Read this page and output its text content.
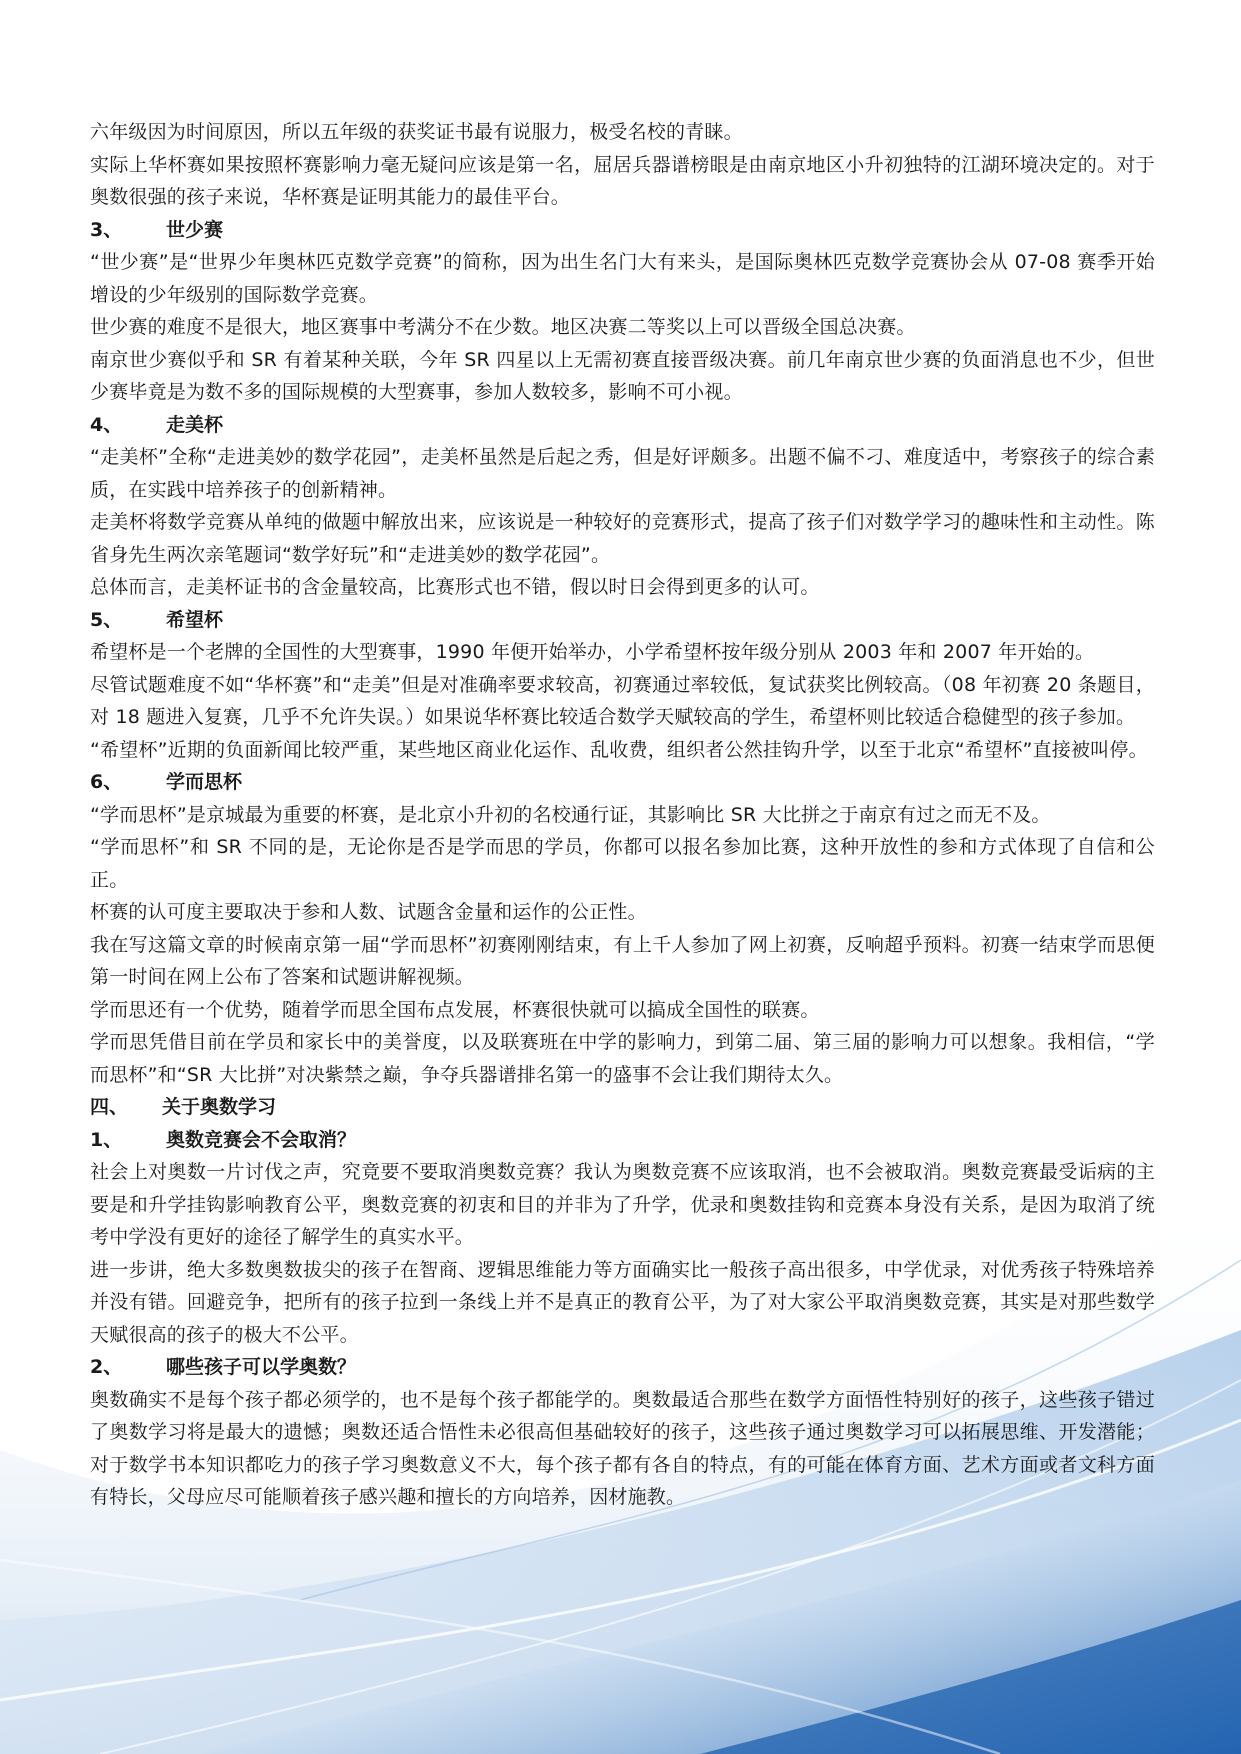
六年级因为时间原因，所以五年级的获奖证书最有说服力，极受名校的青睐。

实际上华杯赛如果按照杯赛影响力毫无疑问应该是第一名，屈居兵器谱榜眼是由南京地区小升初独特的江湖环境决定的。对于奥数很强的孩子来说，华杯赛是证明其能力的最佳平台。

3、	世少赛

“世少赛”是“世界少年奥林匹克数学竞赛”的简称，因为出生名门大有来头，是国际奥林匹克数学竞赛协会从 07-08 赛季开始增设的少年级别的国际数学竞赛。

世少赛的难度不是很大，地区赛事中考满分不在少数。地区决赛二等奖以上可以晋级全国总决赛。

南京世少赛似乎和 SR 有着某种关联，今年 SR 四星以上无需初赛直接晋级决赛。前几年南京世少赛的负面消息也不少，但世少赛毕竟是为数不多的国际规模的大型赛事，参加人数较多，影响不可小视。

4、	走美杯

“走美杯”全称“走进美妙的数学花园”，走美杯虽然是后起之秀，但是好评颇多。出题不偏不刁、难度适中，考察孩子的综合素质，在实践中培养孩子的创新精神。

走美杯将数学竞赛从单纯的做题中解放出来，应该说是一种较好的竞赛形式，提高了孩子们对数学学习的趣味性和主动性。陈省身先生两次亲笔题词“数学好玩”和“走进美妙的数学花园”。

总体而言，走美杯证书的含金量较高，比赛形式也不错，假以时日会得到更多的认可。

5、	希望杯

希望杯是一个老牌的全国性的大型赛事，1990 年便开始举办，小学希望杯按年级分别从 2003 年和 2007 年开始的。

尽管试题难度不如“华杯赛”和“走美”但是对准确率要求较高，初赛通过率较低，复试获奖比例较高。（08 年初赛 20 条题目，对 18 题进入复赛，几乎不允许失误。）如果说华杯赛比较适合数学天赋较高的学生，希望杯则比较适合稳健型的孩子参加。

“希望杯”近期的负面新闻比较严重，某些地区商业化运作、乱收费，组织者公然挂钩升学，以至于北京“希望杯”直接被叫停。

6、	学而思杯

“学而思杯”是京城最为重要的杯赛，是北京小升初的名校通行证，其影响比 SR 大比拼之于南京有过之而无不及。

“学而思杯”和 SR 不同的是，无论你是否是学而思的学员，你都可以报名参加比赛，这种开放性的参和方式体现了自信和公正。

杯赛的认可度主要取决于参和人数、试题含金量和运作的公正性。

我在写这篇文章的时候南京第一届“学而思杯”初赛刚刚结束，有上千人参加了网上初赛，反响超乎预料。初赛一结束学而思便第一时间在网上公布了答案和试题讲解视频。

学而思还有一个优势，随着学而思全国布点发展，杯赛很快就可以搞成全国性的联赛。

学而思凭借目前在学员和家长中的美誉度，以及联赛班在中学的影响力，到第二届、第三届的影响力可以想象。我相信，“学而思杯”和“SR 大比拼”对决紫禁之巅，争夺兵器谱排名第一的盛事不会让我们期待太久。

四、	关于奥数学习
1、	奥数竞赛会不会取消？

社会上对奥数一片讨伐之声，究竟要不要取消奥数竞赛？我认为奥数竞赛不应该取消，也不会被取消。奥数竞赛最受诟病的主要是和升学挂钩影响教育公平，奥数竞赛的初衷和目的并非为了升学，优录和奥数挂钩和竞赛本身没有关系，是因为取消了统考中学没有更好的途径了解学生的真实水平。

进一步讲，绝大多数奥数拔尖的孩子在智商、逻辑思维能力等方面确实比一般孩子高出很多，中学优录，对优秀孩子特殊培养并没有错。回避竞争，把所有的孩子拉到一条线上并不是真正的教育公平，为了对大家公平取消奥数竞赛，其实是对那些数学天赋很高的孩子的极大不公平。

2、	哪些孩子可以学奥数？

奥数确实不是每个孩子都必须学的，也不是每个孩子都能学的。奥数最适合那些在数学方面悟性特别好的孩子，这些孩子错过了奥数学习将是最大的遗憾；奥数还适合悟性未必很高但基础较好的孩子，这些孩子通过奥数学习可以拓展思维、开发潜能；对于数学书本知识都吃力的孩子学习奥数意义不大，每个孩子都有各自的特点，有的可能在体育方面、艺术方面或者文科方面有特长，父母应尽可能顺着孩子感兴趣和擅长的方向培养，因材施教。
